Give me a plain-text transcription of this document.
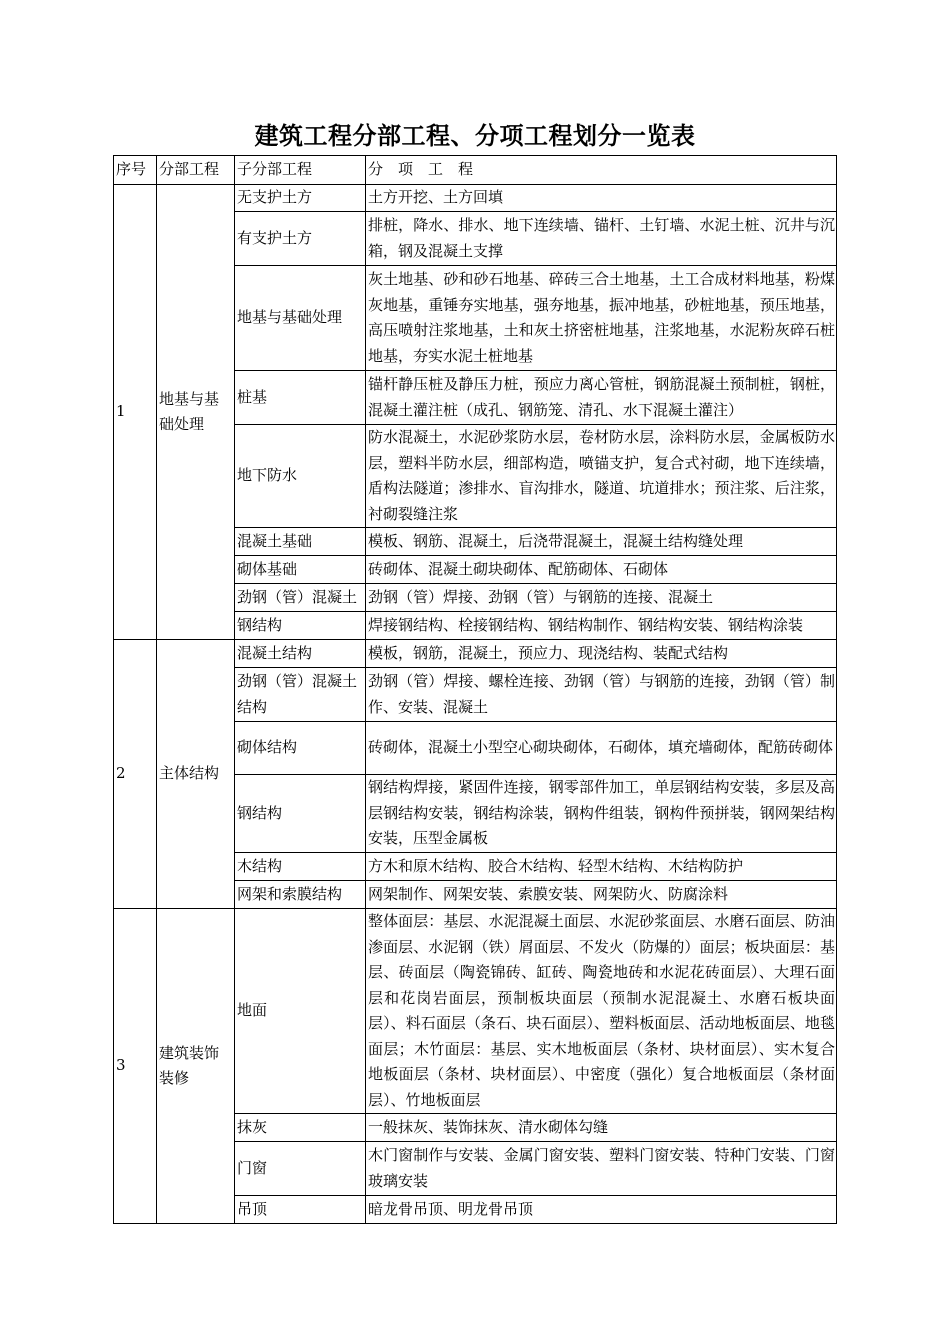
建筑工程分部工程、分项工程划分一览表
序号	分部工程	子分部工程	分　项　工　程
1	地基与基础处理	无支护土方	土方开挖、土方回填
		有支护土方	排桩，降水、排水、地下连续墙、锚杆、土钉墙、水泥土桩、沉井与沉箱，钢及混凝土支撑
		地基与基础处理	灰土地基、砂和砂石地基、碎砖三合土地基，土工合成材料地基，粉煤灰地基，重锤夯实地基，强夯地基，振冲地基，砂桩地基，预压地基，高压喷射注浆地基，土和灰土挤密桩地基，注浆地基，水泥粉灰碎石桩地基，夯实水泥土桩地基
		桩基	锚杆静压桩及静压力桩，预应力离心管桩，钢筋混凝土预制桩，钢桩，混凝土灌注桩（成孔、钢筋笼、清孔、水下混凝土灌注）
		地下防水	防水混凝土，水泥砂浆防水层，卷材防水层，涂料防水层，金属板防水层，塑料半防水层，细部构造，喷锚支护，复合式衬砌，地下连续墙，盾构法隧道；渗排水、盲沟排水，隧道、坑道排水；预注浆、后注浆，衬砌裂缝注浆
		混凝土基础	模板、钢筋、混凝土，后浇带混凝土，混凝土结构缝处理
		砌体基础	砖砌体、混凝土砌块砌体、配筋砌体、石砌体
		劲钢（管）混凝土	劲钢（管）焊接、劲钢（管）与钢筋的连接、混凝土
		钢结构	焊接钢结构、栓接钢结构、钢结构制作、钢结构安装、钢结构涂装
2	主体结构	混凝土结构	模板，钢筋，混凝土，预应力、现浇结构、装配式结构
		劲钢（管）混凝土结构	劲钢（管）焊接、螺栓连接、劲钢（管）与钢筋的连接，劲钢（管）制作、安装、混凝土
		砌体结构	砖砌体，混凝土小型空心砌块砌体，石砌体，填充墙砌体，配筋砖砌体
		钢结构	钢结构焊接，紧固件连接，钢零部件加工，单层钢结构安装，多层及高层钢结构安装，钢结构涂装，钢构件组装，钢构件预拼装，钢网架结构安装，压型金属板
		木结构	方木和原木结构、胶合木结构、轻型木结构、木结构防护
		网架和索膜结构	网架制作、网架安装、索膜安装、网架防火、防腐涂料
3	建筑装饰装修	地面	整体面层：基层、水泥混凝土面层、水泥砂浆面层、水磨石面层、防油渗面层、水泥钢（铁）屑面层、不发火（防爆的）面层；板块面层：基层、砖面层（陶瓷锦砖、缸砖、陶瓷地砖和水泥花砖面层）、大理石面层和花岗岩面层，预制板块面层（预制水泥混凝土、水磨石板块面层）、料石面层（条石、块石面层）、塑料板面层、活动地板面层、地毯面层；木竹面层：基层、实木地板面层（条材、块材面层）、实木复合地板面层（条材、块材面层）、中密度（强化）复合地板面层（条材面层）、竹地板面层
		抹灰	一般抹灰、装饰抹灰、清水砌体勾缝
		门窗	木门窗制作与安装、金属门窗安装、塑料门窗安装、特种门安装、门窗玻璃安装
		吊顶	暗龙骨吊顶、明龙骨吊顶
